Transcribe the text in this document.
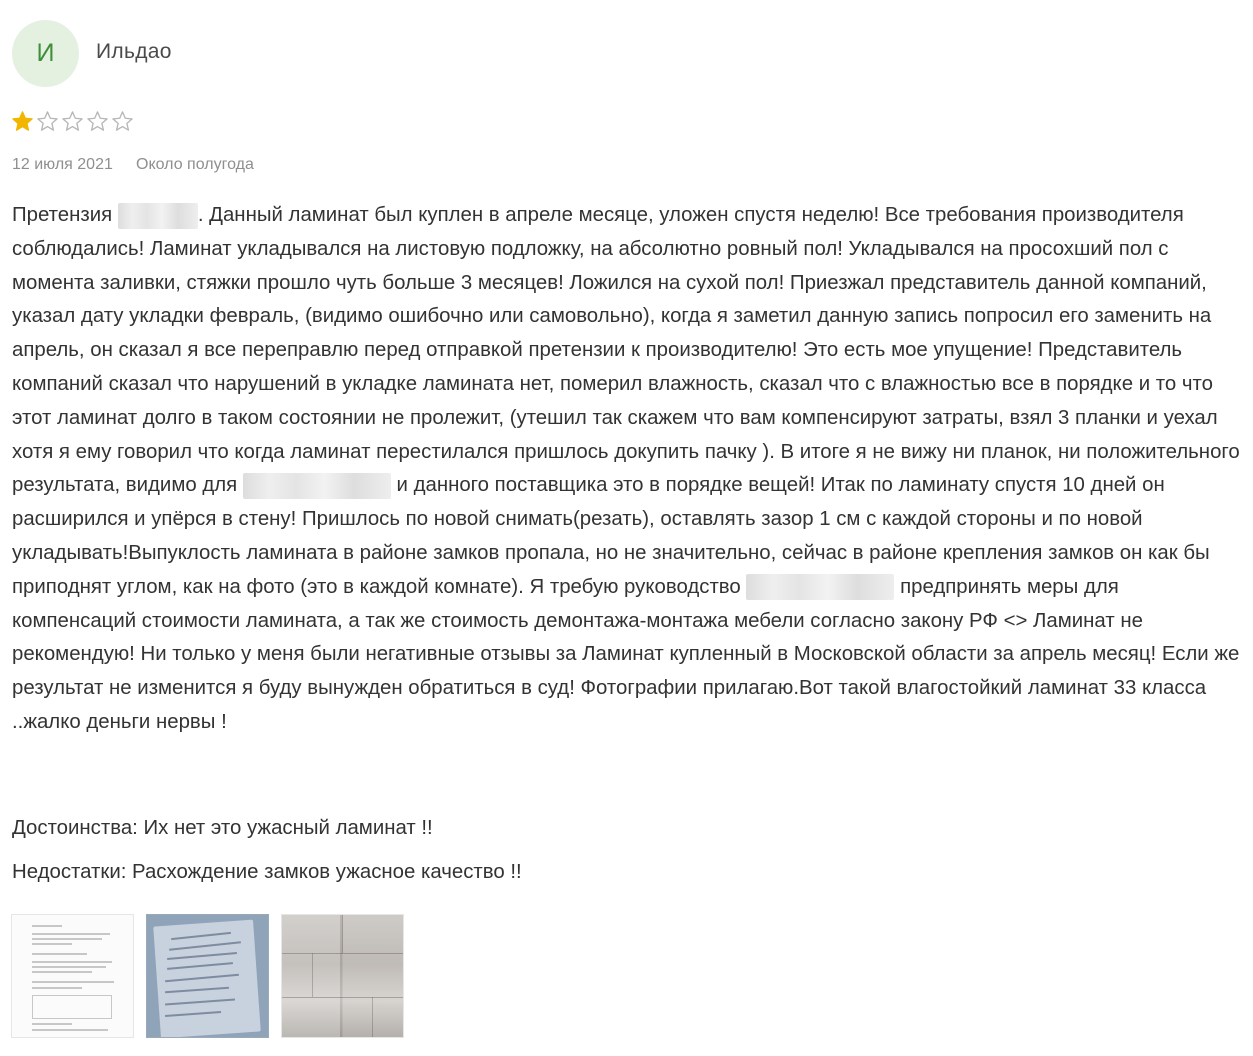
И Ильдао
12 июля 2021 Около полугода

Претензия	. Данный ламинат был куплен в апреле месяце, уложен спустя неделю! Все требования производителя соблюдались! Ламинат укладывался на листовую подложку, на абсолютно ровный пол! Укладывался на просохший пол с момента заливки, стяжки прошло чуть больше 3 месяцев! Ложился на сухой пол! Приезжал представитель данной компаний, указал дату укладки февраль, (видимо ошибочно или самовольно), когда я заметил данную запись попросил его заменить на апрель, он сказал я все переправлю перед отправкой претензии к производителю! Это есть мое упущение! Представитель компаний сказал что нарушений в укладке ламината нет, померил влажность, сказал что с влажностью все в порядке и то что этот ламинат долго в таком состоянии не пролежит, (утешил так скажем что вам компенсируют затраты, взял 3 планки и уехал хотя я ему говорил что когда ламинат перестилался пришлось докупить пачку ). В итоге я не вижу ни планок, ни положительного результата, видимо для	и данного поставщика это в порядке вещей! Итак по ламинату спустя 10 дней он расширился и упёрся в стену! Пришлось по новой снимать(резать), оставлять зазор 1 см с каждой стороны и по новой укладывать!Выпуклость ламината в районе замков пропала, но не значительно, сейчас в районе крепления замков он как бы приподнят углом, как на фото (это в каждой комнате). Я требую руководство	предпринять меры для компенсаций стоимости ламината, а так же стоимость демонтажа-монтажа мебели согласно закону РФ <> Ламинат не рекомендую! Ни только у меня были негативные отзывы за Ламинат купленный в Московской области за апрель месяц! Если же результат не изменится я буду вынужден обратиться в суд! Фотографии прилагаю.Вот такой влагостойкий ламинат 33 класса ..жалко деньги нервы !

Достоинства: Их нет это ужасный ламинат !!
Недостатки: Расхождение замков ужасное качество !!
